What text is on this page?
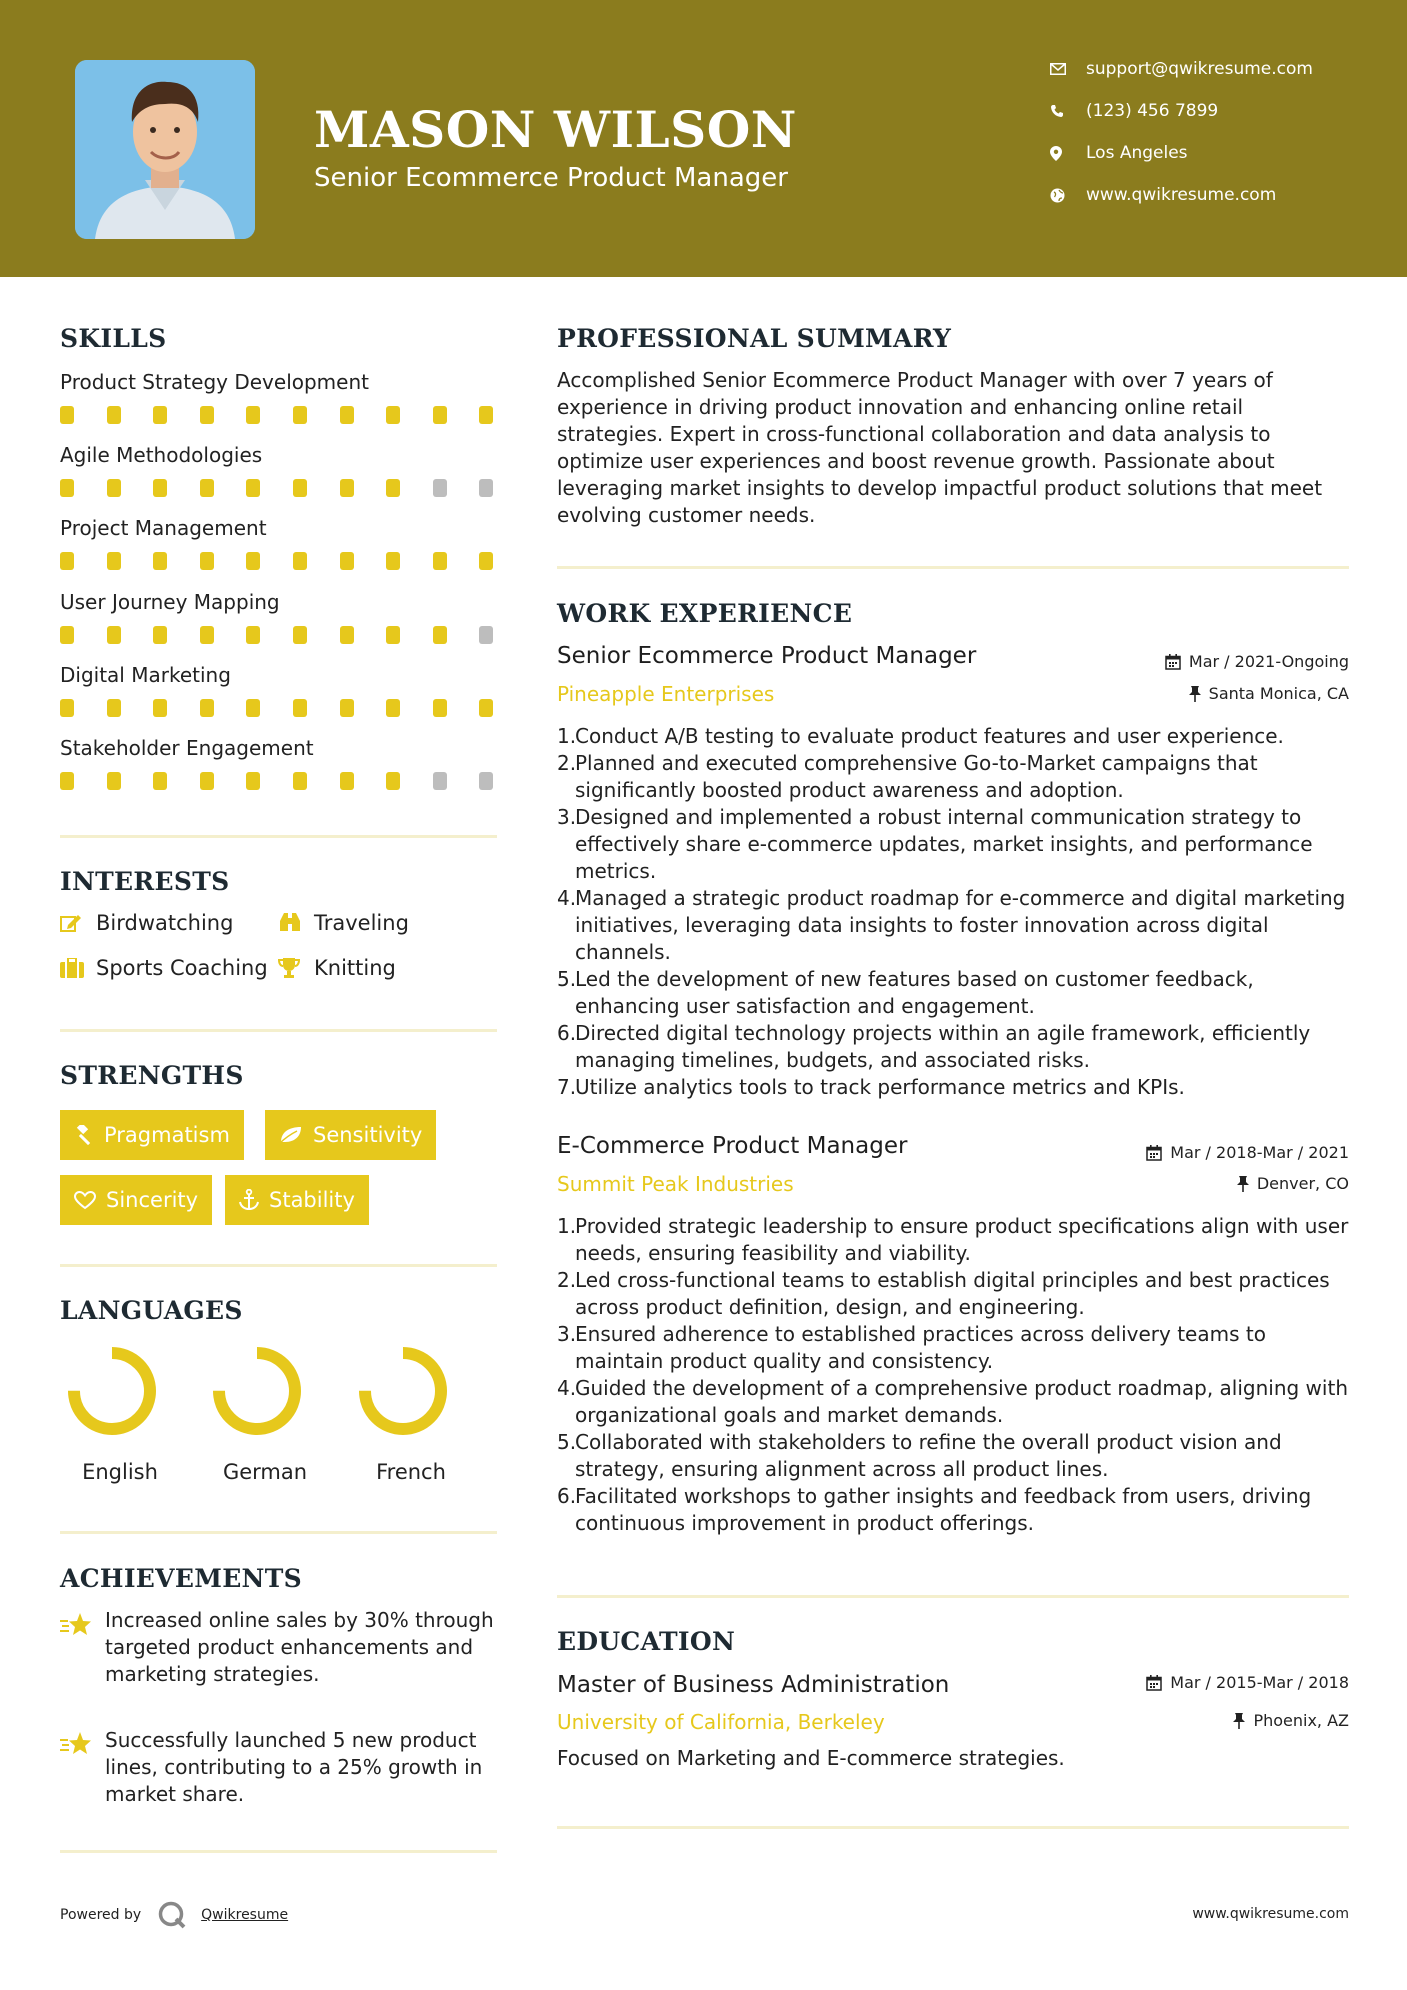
MASON WILSON
Senior Ecommerce Product Manager
support@qwikresume.com
(123) 456 7899
Los Angeles
www.qwikresume.com
SKILLS
Product Strategy Development
Agile Methodologies
Project Management
User Journey Mapping
Digital Marketing
Stakeholder Engagement
INTERESTS
Birdwatching	Traveling
Sports Coaching Knitting
STRENGTHS
Pragmatism	Sensitivity
Sincerity	Stability
LANGUAGES
English	German	French
ACHIEVEMENTS
Increased online sales by 30% through targeted product enhancements and marketing strategies.
Successfully launched 5 new product lines, contributing to a 25% growth in market share.
PROFESSIONAL SUMMARY
Accomplished Senior Ecommerce Product Manager with over 7 years of experience in driving product innovation and enhancing online retail strategies. Expert in cross-functional collaboration and data analysis to optimize user experiences and boost revenue growth. Passionate about leveraging market insights to develop impactful product solutions that meet evolving customer needs.
WORK EXPERIENCE
Senior Ecommerce Product Manager	Mar / 2021-Ongoing
Pineapple Enterprises	Santa Monica, CA
1.
Conduct A/B testing to evaluate product features and user experience.
2.
Planned and executed comprehensive Go-to-Market campaigns that significantly boosted product awareness and adoption.
3.
Designed and implemented a robust internal communication strategy to effectively share e-commerce updates, market insights, and performance metrics.
4.
Managed a strategic product roadmap for e-commerce and digital marketing initiatives, leveraging data insights to foster innovation across digital channels.
5.
Led the development of new features based on customer feedback, enhancing user satisfaction and engagement.
6.
Directed digital technology projects within an agile framework, efficiently managing timelines, budgets, and associated risks.
7.
Utilize analytics tools to track performance metrics and KPIs.
E-Commerce Product Manager	Mar / 2018-Mar / 2021
Summit Peak Industries	Denver, CO
1.
Provided strategic leadership to ensure product specifications align with user needs, ensuring feasibility and viability.
2.
Led cross-functional teams to establish digital principles and best practices across product definition, design, and engineering.
3.
Ensured adherence to established practices across delivery teams to maintain product quality and consistency.
4.
Guided the development of a comprehensive product roadmap, aligning with organizational goals and market demands.
5.
Collaborated with stakeholders to refine the overall product vision and strategy, ensuring alignment across all product lines.
6.
Facilitated workshops to gather insights and feedback from users, driving continuous improvement in product offerings.
EDUCATION
Master of Business Administration	Mar / 2015-Mar / 2018
University of California, Berkeley	Phoenix, AZ
Focused on Marketing and E-commerce strategies.
Powered by	Qwikresume	www.qwikresume.com
